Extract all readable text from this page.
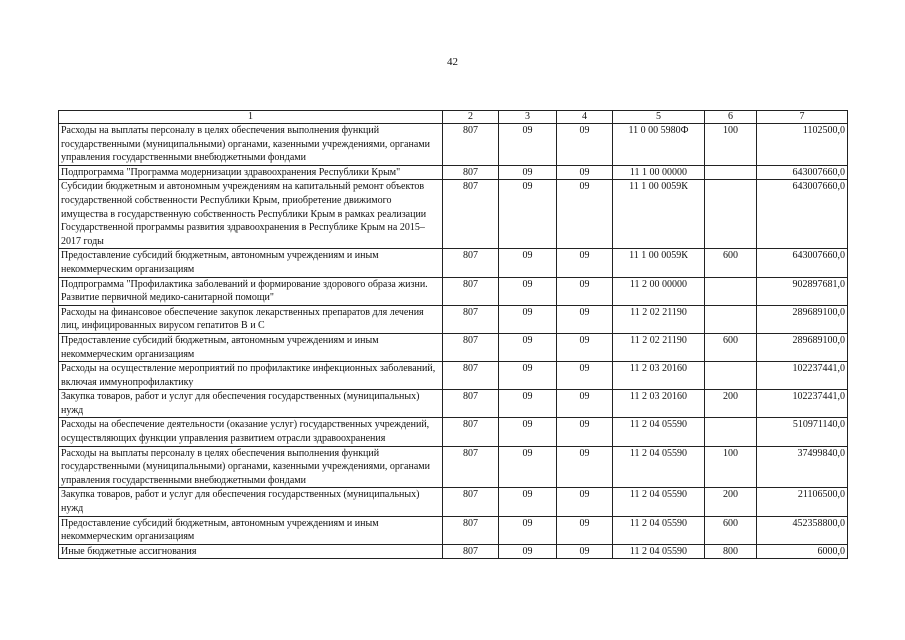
42
1	2	3	4	5	6	7
Расходы на выплаты персоналу в целях обеспечения выполнения функций государственными (муниципальными) органами, казенными учреждениями, органами управления государственными внебюджетными фондами	807	09	09	11 0 00 5980Ф	100	1102500,0
Подпрограмма "Программа модернизации здравоохранения Республики Крым"	807	09	09	11 1 00 00000		643007660,0
Субсидии бюджетным и автономным учреждениям на капитальный ремонт объектов государственной собственности Республики Крым, приобретение движимого имущества в государственную собственность Республики Крым в рамках реализации Государственной программы развития здравоохранения в Республике Крым на 2015–2017 годы	807	09	09	11 1 00 0059К		643007660,0
Предоставление субсидий бюджетным, автономным учреждениям и иным некоммерческим организациям	807	09	09	11 1 00 0059К	600	643007660,0
Подпрограмма "Профилактика заболеваний и формирование здорового образа жизни. Развитие первичной медико-санитарной помощи"	807	09	09	11 2 00 00000		902897681,0
Расходы на финансовое обеспечение закупок лекарственных препаратов для лечения лиц, инфицированных вирусом гепатитов В и С	807	09	09	11 2 02 21190		289689100,0
Предоставление субсидий бюджетным, автономным учреждениям и иным некоммерческим организациям	807	09	09	11 2 02 21190	600	289689100,0
Расходы на осуществление мероприятий по профилактике инфекционных заболеваний, включая иммунопрофилактику	807	09	09	11 2 03 20160		102237441,0
Закупка товаров, работ и услуг для обеспечения государственных (муниципальных) нужд	807	09	09	11 2 03 20160	200	102237441,0
Расходы на обеспечение деятельности (оказание услуг) государственных учреждений, осуществляющих функции управления развитием отрасли здравоохранения	807	09	09	11 2 04 05590		510971140,0
Расходы на выплаты персоналу в целях обеспечения выполнения функций государственными (муниципальными) органами, казенными учреждениями, органами управления государственными внебюджетными фондами	807	09	09	11 2 04 05590	100	37499840,0
Закупка товаров, работ и услуг для обеспечения государственных (муниципальных) нужд	807	09	09	11 2 04 05590	200	21106500,0
Предоставление субсидий бюджетным, автономным учреждениям и иным некоммерческим организациям	807	09	09	11 2 04 05590	600	452358800,0
Иные бюджетные ассигнования	807	09	09	11 2 04 05590	800	6000,0
